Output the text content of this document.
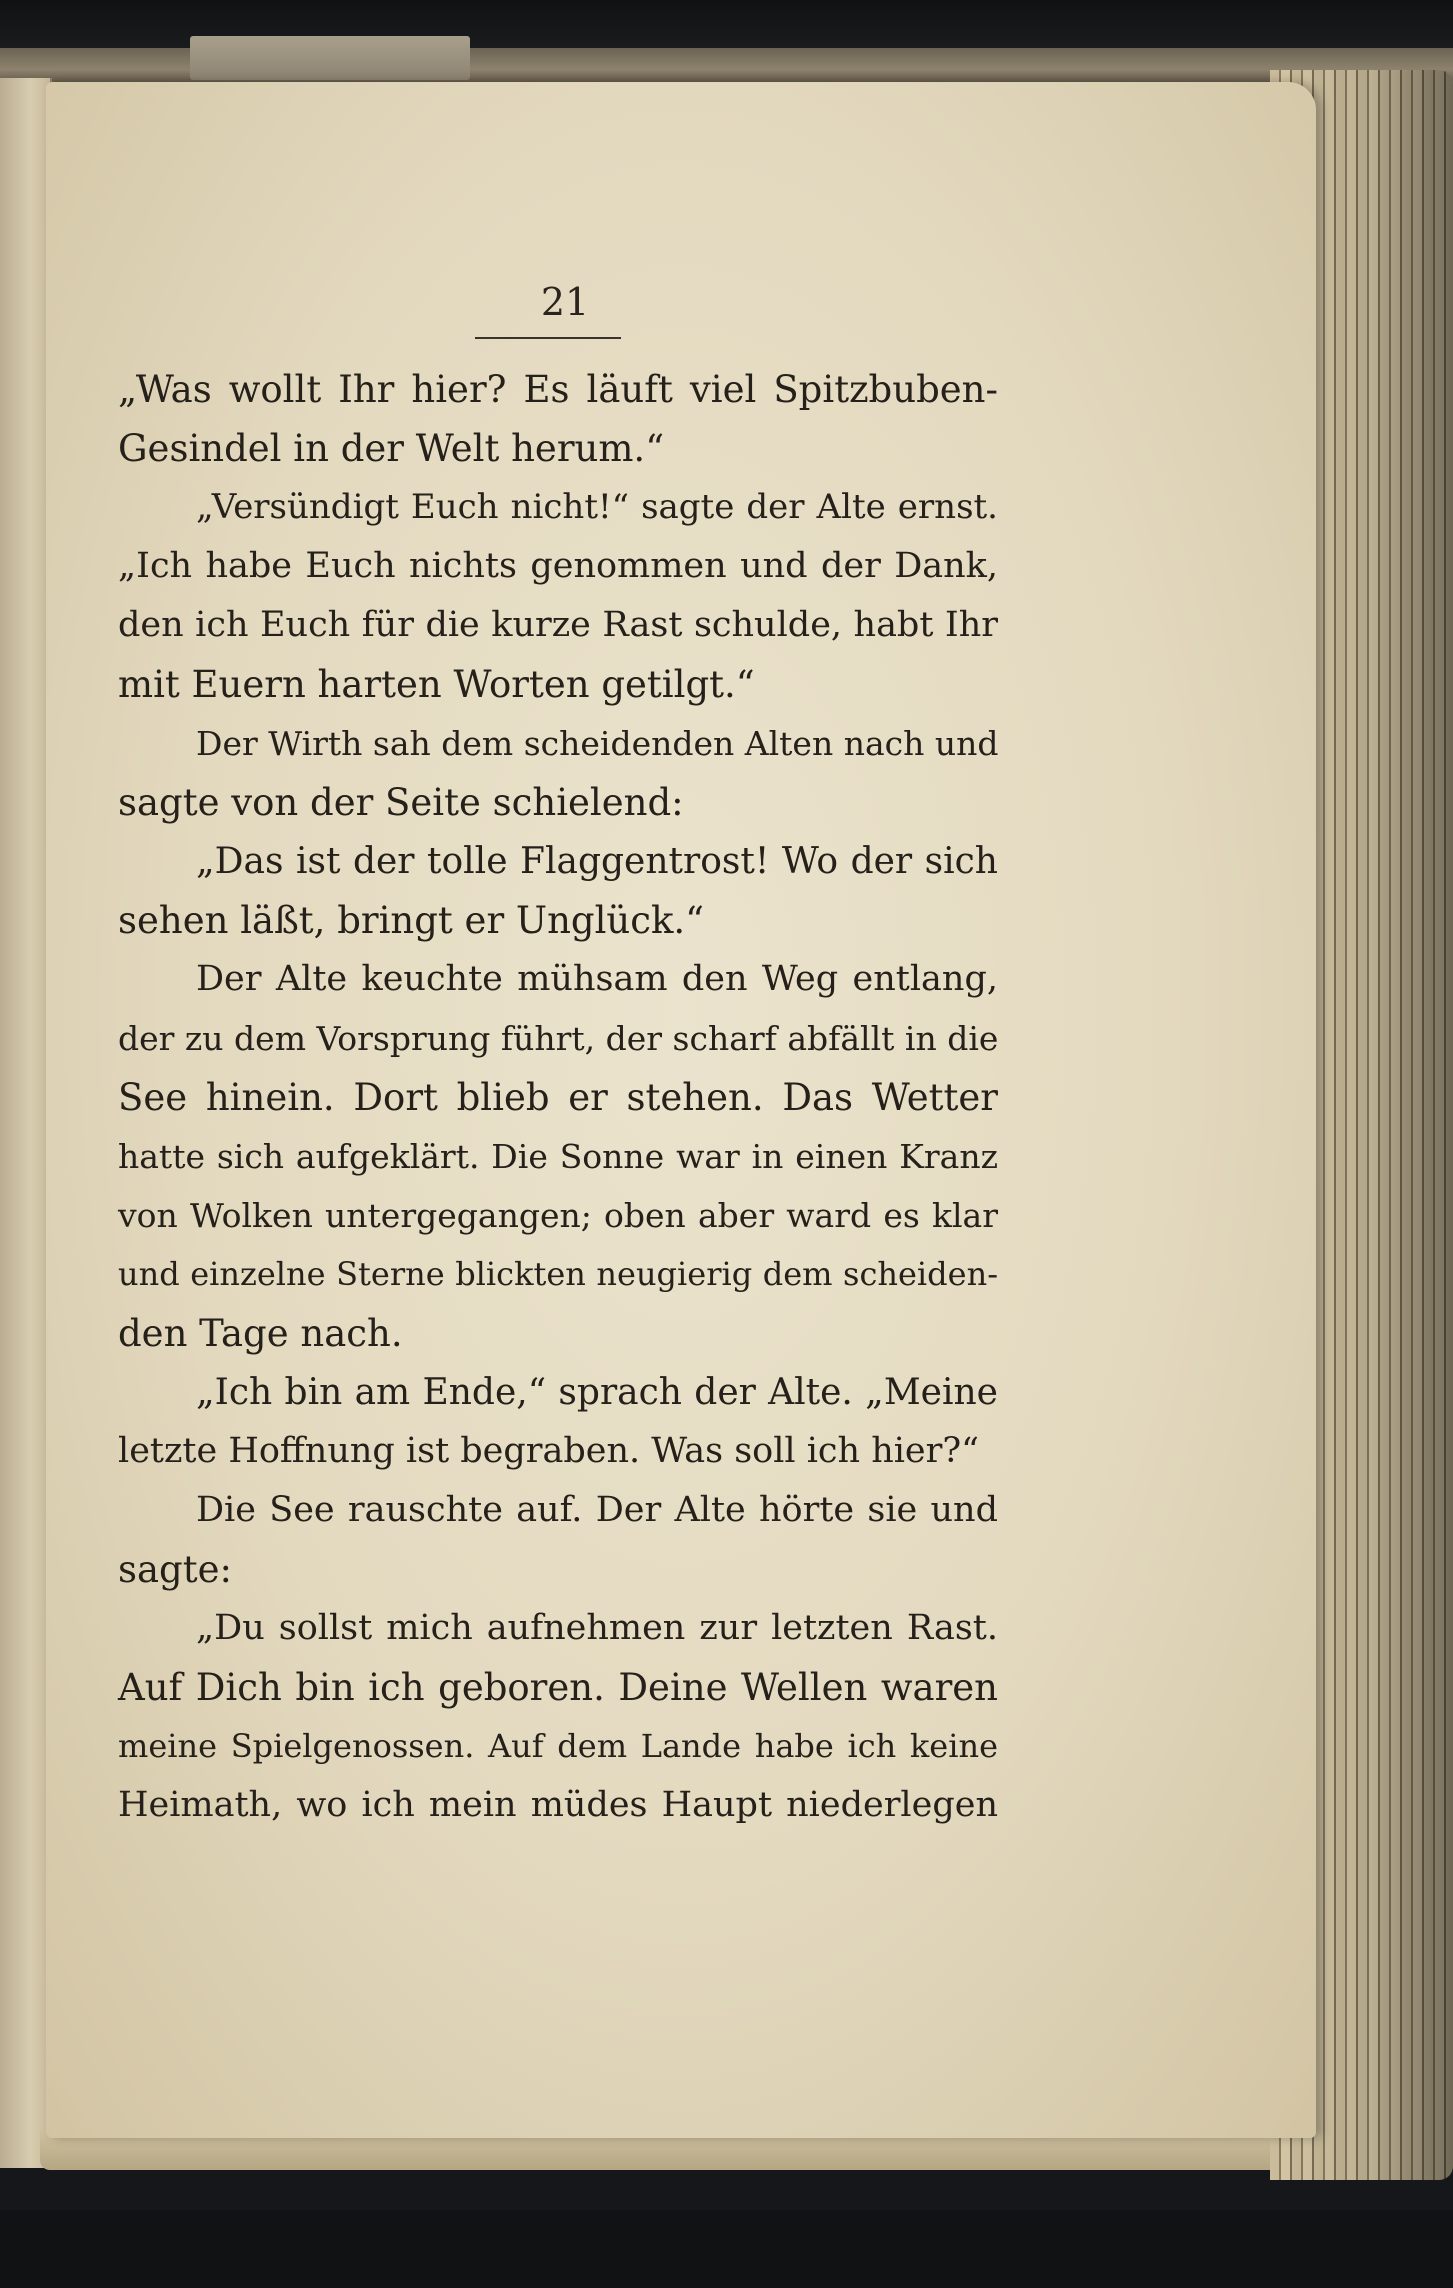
21
„Was wollt Ihr hier? Es läuft viel Spitzbuben-
Gesindel in der Welt herum.“
„Versündigt Euch nicht!“ sagte der Alte ernst.
„Ich habe Euch nichts genommen und der Dank,
den ich Euch für die kurze Rast schulde, habt Ihr
mit Euern harten Worten getilgt.“
Der Wirth sah dem scheidenden Alten nach und
sagte von der Seite schielend:
„Das ist der tolle Flaggentrost! Wo der sich
sehen läßt, bringt er Unglück.“
Der Alte keuchte mühsam den Weg entlang,
der zu dem Vorsprung führt, der scharf abfällt in die
See hinein. Dort blieb er stehen. Das Wetter
hatte sich aufgeklärt. Die Sonne war in einen Kranz
von Wolken untergegangen; oben aber ward es klar
und einzelne Sterne blickten neugierig dem scheiden-
den Tage nach.
„Ich bin am Ende,“ sprach der Alte. „Meine
letzte Hoffnung ist begraben. Was soll ich hier?“
Die See rauschte auf. Der Alte hörte sie und
sagte:
„Du sollst mich aufnehmen zur letzten Rast.
Auf Dich bin ich geboren. Deine Wellen waren
meine Spielgenossen. Auf dem Lande habe ich keine
Heimath, wo ich mein müdes Haupt niederlegen
